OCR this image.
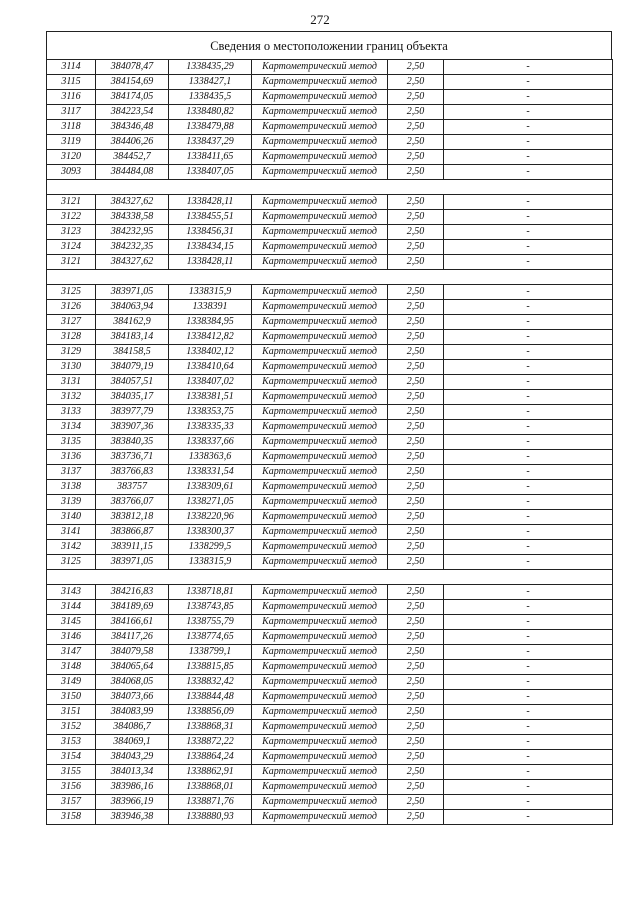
272
Сведения о местоположении границ объекта
3114	384078,47	1338435,29	Картометрический метод	2,50	-
3115	384154,69	1338427,1	Картометрический метод	2,50	-
3116	384174,05	1338435,5	Картометрический метод	2,50	-
3117	384223,54	1338480,82	Картометрический метод	2,50	-
3118	384346,48	1338479,88	Картометрический метод	2,50	-
3119	384406,26	1338437,29	Картометрический метод	2,50	-
3120	384452,7	1338411,65	Картометрический метод	2,50	-
3093	384484,08	1338407,05	Картометрический метод	2,50	-

3121	384327,62	1338428,11	Картометрический метод	2,50	-
3122	384338,58	1338455,51	Картометрический метод	2,50	-
3123	384232,95	1338456,31	Картометрический метод	2,50	-
3124	384232,35	1338434,15	Картометрический метод	2,50	-
3121	384327,62	1338428,11	Картометрический метод	2,50	-

3125	383971,05	1338315,9	Картометрический метод	2,50	-
3126	384063,94	1338391	Картометрический метод	2,50	-
3127	384162,9	1338384,95	Картометрический метод	2,50	-
3128	384183,14	1338412,82	Картометрический метод	2,50	-
3129	384158,5	1338402,12	Картометрический метод	2,50	-
3130	384079,19	1338410,64	Картометрический метод	2,50	-
3131	384057,51	1338407,02	Картометрический метод	2,50	-
3132	384035,17	1338381,51	Картометрический метод	2,50	-
3133	383977,79	1338353,75	Картометрический метод	2,50	-
3134	383907,36	1338335,33	Картометрический метод	2,50	-
3135	383840,35	1338337,66	Картометрический метод	2,50	-
3136	383736,71	1338363,6	Картометрический метод	2,50	-
3137	383766,83	1338331,54	Картометрический метод	2,50	-
3138	383757	1338309,61	Картометрический метод	2,50	-
3139	383766,07	1338271,05	Картометрический метод	2,50	-
3140	383812,18	1338220,96	Картометрический метод	2,50	-
3141	383866,87	1338300,37	Картометрический метод	2,50	-
3142	383911,15	1338299,5	Картометрический метод	2,50	-
3125	383971,05	1338315,9	Картометрический метод	2,50	-

3143	384216,83	1338718,81	Картометрический метод	2,50	-
3144	384189,69	1338743,85	Картометрический метод	2,50	-
3145	384166,61	1338755,79	Картометрический метод	2,50	-
3146	384117,26	1338774,65	Картометрический метод	2,50	-
3147	384079,58	1338799,1	Картометрический метод	2,50	-
3148	384065,64	1338815,85	Картометрический метод	2,50	-
3149	384068,05	1338832,42	Картометрический метод	2,50	-
3150	384073,66	1338844,48	Картометрический метод	2,50	-
3151	384083,99	1338856,09	Картометрический метод	2,50	-
3152	384086,7	1338868,31	Картометрический метод	2,50	-
3153	384069,1	1338872,22	Картометрический метод	2,50	-
3154	384043,29	1338864,24	Картометрический метод	2,50	-
3155	384013,34	1338862,91	Картометрический метод	2,50	-
3156	383986,16	1338868,01	Картометрический метод	2,50	-
3157	383966,19	1338871,76	Картометрический метод	2,50	-
3158	383946,38	1338880,93	Картометрический метод	2,50	-
